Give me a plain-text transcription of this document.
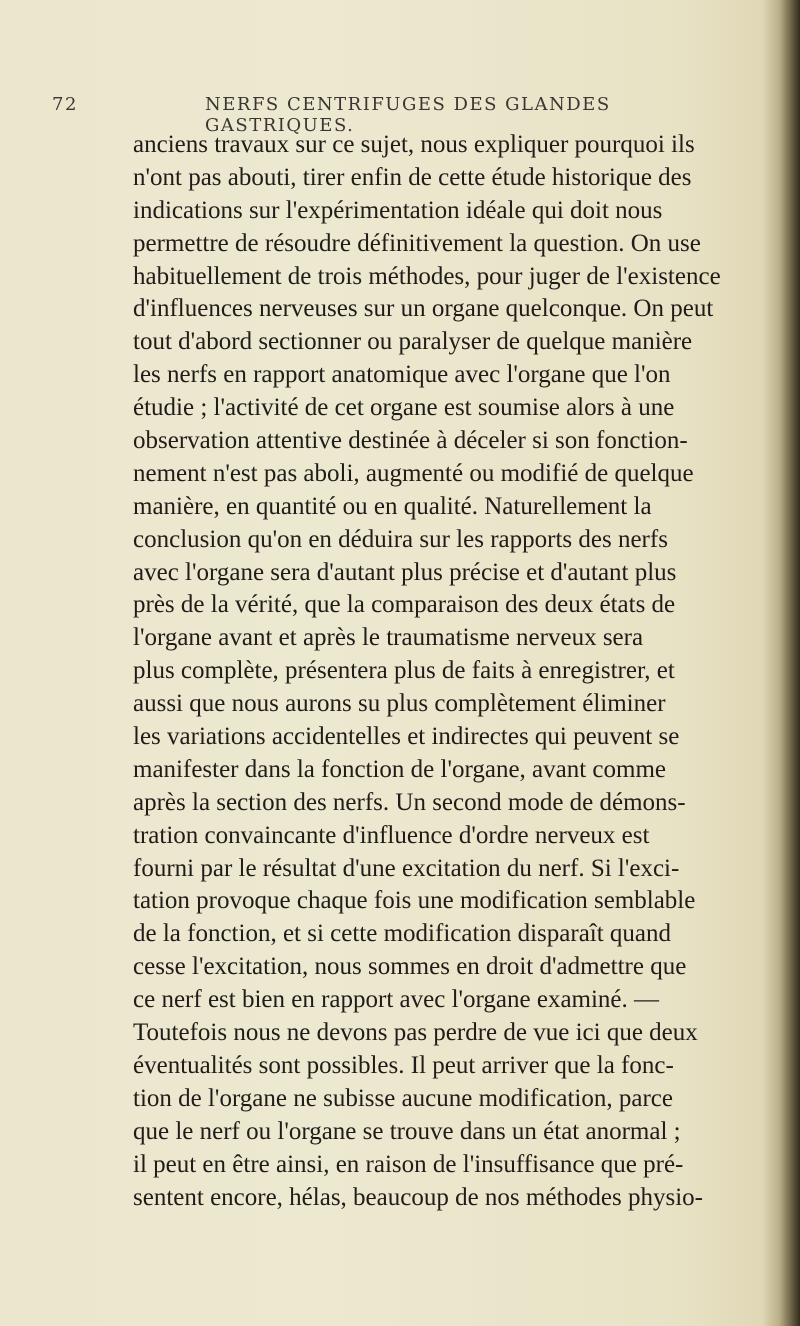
72	NERFS CENTRIFUGES DES GLANDES GASTRIQUES.
anciens travaux sur ce sujet, nous expliquer pourquoi ils
n'ont pas abouti, tirer enfin de cette étude historique des
indications sur l'expérimentation idéale qui doit nous
permettre de résoudre définitivement la question. On use
habituellement de trois méthodes, pour juger de l'existence
d'influences nerveuses sur un organe quelconque. On peut
tout d'abord sectionner ou paralyser de quelque manière
les nerfs en rapport anatomique avec l'organe que l'on
étudie ; l'activité de cet organe est soumise alors à une
observation attentive destinée à déceler si son fonction-
nement n'est pas aboli, augmenté ou modifié de quelque
manière, en quantité ou en qualité. Naturellement la
conclusion qu'on en déduira sur les rapports des nerfs
avec l'organe sera d'autant plus précise et d'autant plus
près de la vérité, que la comparaison des deux états de
l'organe avant et après le traumatisme nerveux sera
plus complète, présentera plus de faits à enregistrer, et
aussi que nous aurons su plus complètement éliminer
les variations accidentelles et indirectes qui peuvent se
manifester dans la fonction de l'organe, avant comme
après la section des nerfs. Un second mode de démons-
tration convaincante d'influence d'ordre nerveux est
fourni par le résultat d'une excitation du nerf. Si l'exci-
tation provoque chaque fois une modification semblable
de la fonction, et si cette modification disparaît quand
cesse l'excitation, nous sommes en droit d'admettre que
ce nerf est bien en rapport avec l'organe examiné. —
Toutefois nous ne devons pas perdre de vue ici que deux
éventualités sont possibles. Il peut arriver que la fonc-
tion de l'organe ne subisse aucune modification, parce
que le nerf ou l'organe se trouve dans un état anormal ;
il peut en être ainsi, en raison de l'insuffisance que pré-
sentent encore, hélas, beaucoup de nos méthodes physio-
